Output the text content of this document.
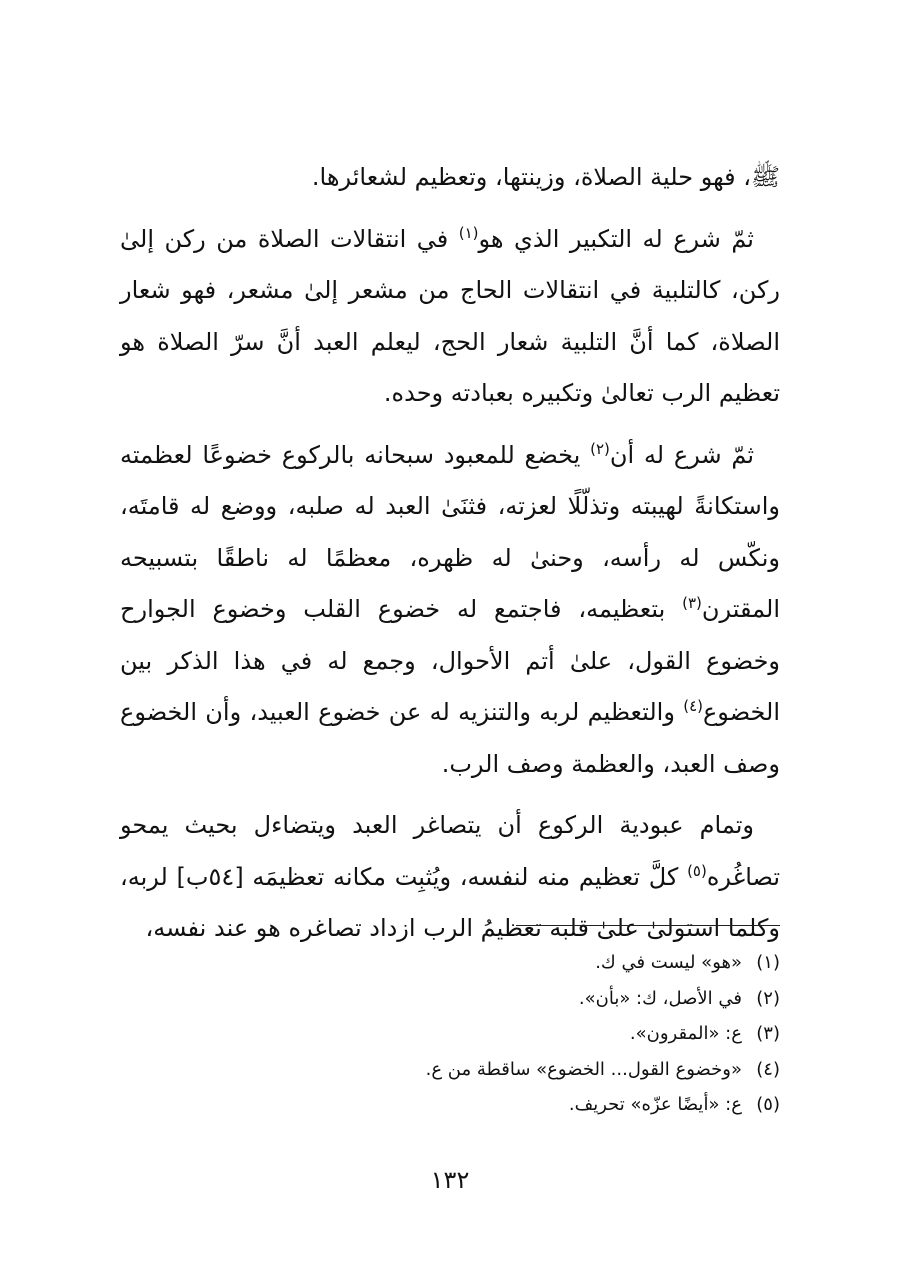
ﷺ، فهو حلية الصلاة، وزينتها، وتعظيم لشعائرها.

ثمّ شرع له التكبير الذي هو$^{(١)}$ في انتقالات الصلاة من ركن إلىٰ ركن، كالتلبية في انتقالات الحاج من مشعر إلىٰ مشعر، فهو شعار الصلاة، كما أنَّ التلبية شعار الحج، ليعلم العبد أنَّ سرّ الصلاة هو تعظيم الرب تعالىٰ وتكبيره بعبادته وحده.

ثمّ شرع له أن$^{(٢)}$ يخضع للمعبود سبحانه بالركوع خضوعًا لعظمته واستكانةً لهيبته وتذلّلًا لعزته، فثنَىٰ العبد له صلبه، ووضع له قامتَه، ونكّس له رأسه، وحنىٰ له ظهره، معظمًا له ناطقًا بتسبيحه المقترن$^{(٣)}$ بتعظيمه، فاجتمع له خضوع القلب وخضوع الجوارح وخضوع القول، علىٰ أتم الأحوال، وجمع له في هذا الذكر بين الخضوع$^{(٤)}$ والتعظيم لربه والتنزيه له عن خضوع العبيد، وأن الخضوع وصف العبد، والعظمة وصف الرب.

وتمام عبودية الركوع أن يتصاغر العبد ويتضاءل بحيث يمحو تصاغُره$^{(٥)}$ كلَّ تعظيم منه لنفسه، ويُثبِت مكانه تعظيمَه [٥٤ب] لربه، وكلما استولىٰ علىٰ قلبه تعظيمُ الرب ازداد تصاغره هو عند نفسه،

(١)«هو» ليست في ك.
(٢)في الأصل، ك: «بأن».
(٣)ع: «المقرون».
(٤)«وخضوع القول... الخضوع» ساقطة من ع.
(٥)ع: «أيضًا عزّه» تحريف.
١٣٢
